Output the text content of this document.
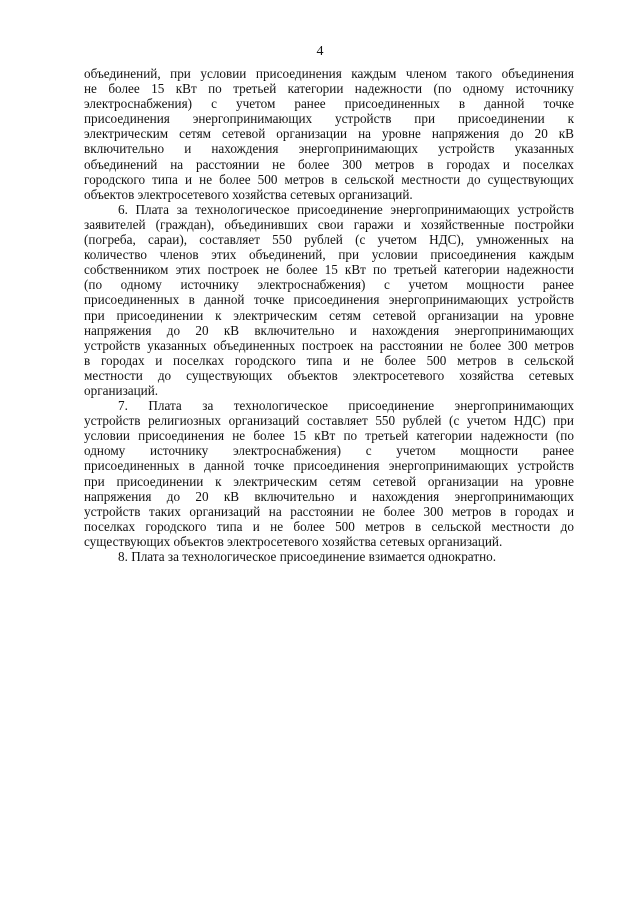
4
объединений, при условии присоединения каждым членом такого объединения
не более 15 кВт по третьей категории надежности (по одному источнику
электроснабжения) с учетом ранее присоединенных в данной точке
присоединения энергопринимающих устройств при присоединении к
электрическим сетям сетевой организации на уровне напряжения до 20 кВ
включительно и нахождения энергопринимающих устройств указанных
объединений на расстоянии не более 300 метров в городах и поселках
городского типа и не более 500 метров в сельской местности до существующих
объектов электросетевого хозяйства сетевых организаций.
6. Плата за технологическое присоединение энергопринимающих устройств
заявителей (граждан), объединивших свои гаражи и хозяйственные постройки
(погреба, сараи), составляет 550 рублей (с учетом НДС), умноженных на
количество членов этих объединений, при условии присоединения каждым
собственником этих построек не более 15 кВт по третьей категории надежности
(по одному источнику электроснабжения) с учетом мощности ранее
присоединенных в данной точке присоединения энергопринимающих устройств
при присоединении к электрическим сетям сетевой организации на уровне
напряжения до 20 кВ включительно и нахождения энергопринимающих
устройств указанных объединенных построек на расстоянии не более 300 метров
в городах и поселках городского типа и не более 500 метров в сельской
местности до существующих объектов электросетевого хозяйства сетевых
организаций.
7. Плата за технологическое присоединение энергопринимающих
устройств религиозных организаций составляет 550 рублей (с учетом НДС) при
условии присоединения не более 15 кВт по третьей категории надежности (по
одному источнику электроснабжения) с учетом мощности ранее
присоединенных в данной точке присоединения энергопринимающих устройств
при присоединении к электрическим сетям сетевой организации на уровне
напряжения до 20 кВ включительно и нахождения энергопринимающих
устройств таких организаций на расстоянии не более 300 метров в городах и
поселках городского типа и не более 500 метров в сельской местности до
существующих объектов электросетевого хозяйства сетевых организаций.
8. Плата за технологическое присоединение взимается однократно.
